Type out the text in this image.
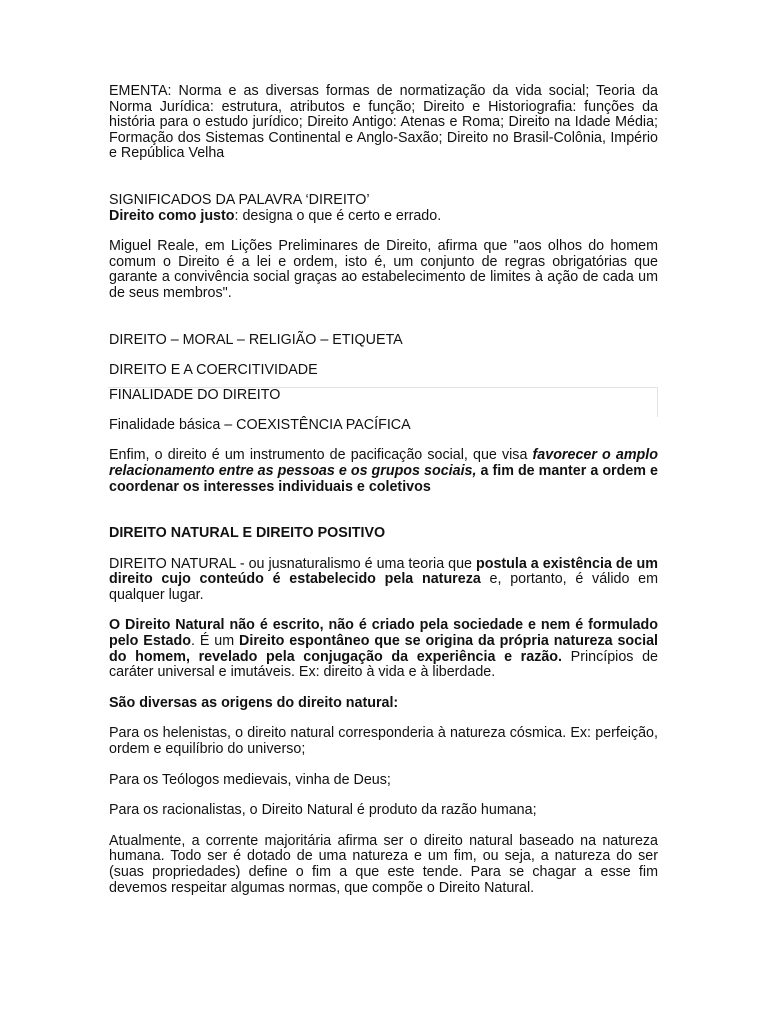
EMENTA: Norma e as diversas formas de normatização da vida social; Teoria da Norma Jurídica: estrutura, atributos e função; Direito e Historiografia: funções da história para o estudo jurídico; Direito Antigo: Atenas e Roma; Direito na Idade Média; Formação dos Sistemas Continental e Anglo-Saxão; Direito no Brasil-Colônia, Império e República Velha

SIGNIFICADOS DA PALAVRA ‘DIREITO’

Direito como justo: designa o que é certo e errado.

Miguel Reale, em Lições Preliminares de Direito, afirma que "aos olhos do homem comum o Direito é a lei e ordem, isto é, um conjunto de regras obrigatórias que garante a convivência social graças ao estabelecimento de limites à ação de cada um de seus membros".

DIREITO – MORAL – RELIGIÃO – ETIQUETA

DIREITO E A COERCITIVIDADE

FINALIDADE DO DIREITO

Finalidade básica – COEXISTÊNCIA PACÍFICA

Enfim, o direito é um instrumento de pacificação social, que visa favorecer o amplo relacionamento entre as pessoas e os grupos sociais, a fim de manter a ordem e coordenar os interesses individuais e coletivos

DIREITO NATURAL E DIREITO POSITIVO

DIREITO NATURAL - ou jusnaturalismo é uma teoria que postula a existência de um direito cujo conteúdo é estabelecido pela natureza e, portanto, é válido em qualquer lugar.

O Direito Natural não é escrito, não é criado pela sociedade e nem é formulado pelo Estado. É um Direito espontâneo que se origina da própria natureza social do homem, revelado pela conjugação da experiência e razão. Princípios de caráter universal e imutáveis. Ex: direito à vida e à liberdade.

São diversas as origens do direito natural:

Para os helenistas, o direito natural corresponderia à natureza cósmica. Ex: perfeição, ordem e equilíbrio do universo;

Para os Teólogos medievais, vinha de Deus;

Para os racionalistas, o Direito Natural é produto da razão humana;

Atualmente, a corrente majoritária afirma ser o direito natural baseado na natureza humana. Todo ser é dotado de uma natureza e um fim, ou seja, a natureza do ser (suas propriedades) define o fim a que este tende. Para se chagar a esse fim devemos respeitar algumas normas, que compõe o Direito Natural.
